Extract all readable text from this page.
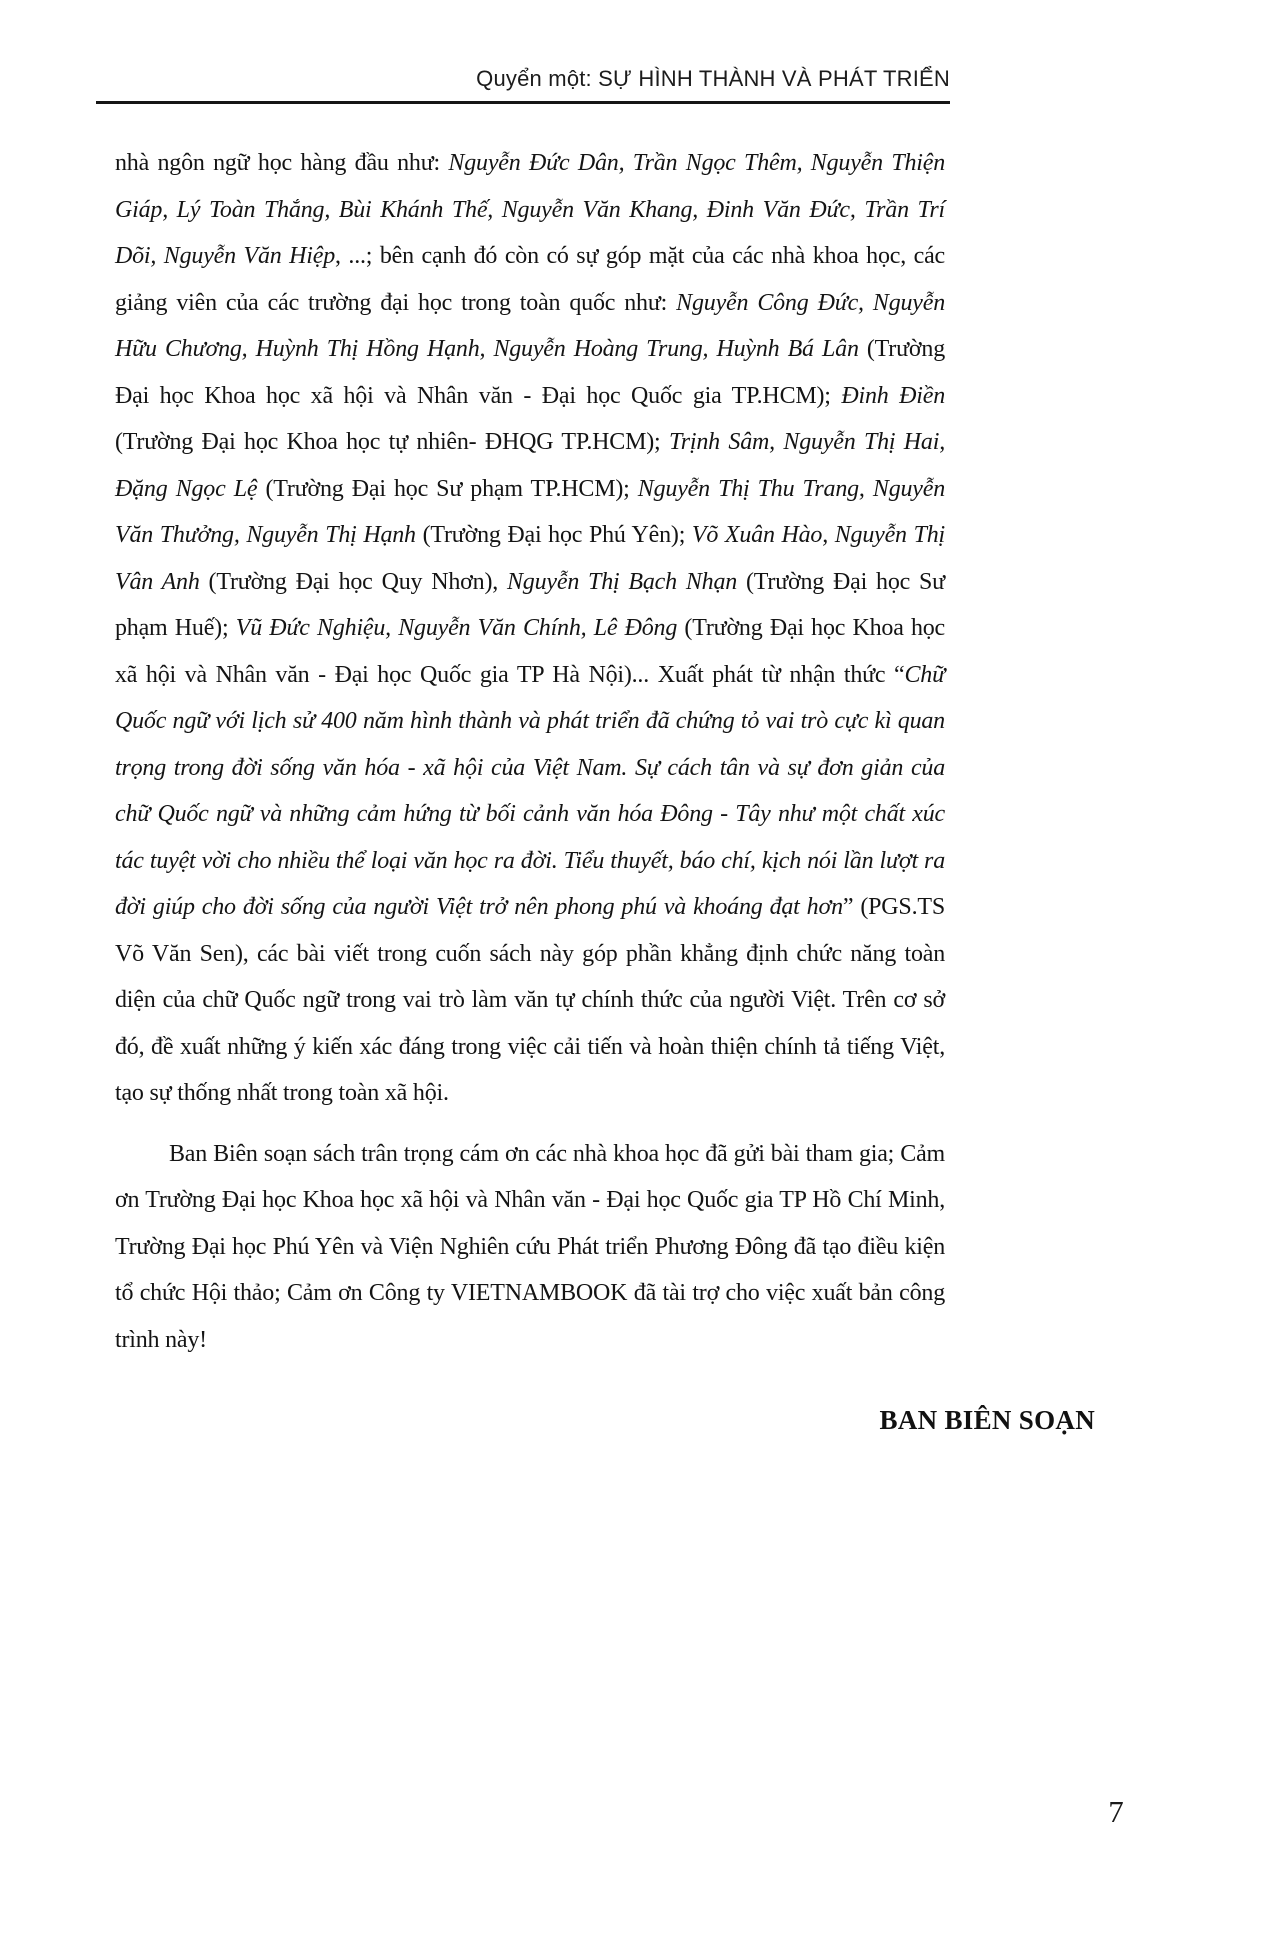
Quyển một: SỰ HÌNH THÀNH VÀ PHÁT TRIỂN

nhà ngôn ngữ học hàng đầu như: Nguyễn Đức Dân, Trần Ngọc Thêm, Nguyễn Thiện Giáp, Lý Toàn Thắng, Bùi Khánh Thế, Nguyễn Văn Khang, Đinh Văn Đức, Trần Trí Dõi, Nguyễn Văn Hiệp, ...; bên cạnh đó còn có sự góp mặt của các nhà khoa học, các giảng viên của các trường đại học trong toàn quốc như: Nguyễn Công Đức, Nguyễn Hữu Chương, Huỳnh Thị Hồng Hạnh, Nguyễn Hoàng Trung, Huỳnh Bá Lân (Trường Đại học Khoa học xã hội và Nhân văn - Đại học Quốc gia TP.HCM); Đinh Điền (Trường Đại học Khoa học tự nhiên- ĐHQG TP.HCM); Trịnh Sâm, Nguyễn Thị Hai, Đặng Ngọc Lệ (Trường Đại học Sư phạm TP.HCM); Nguyễn Thị Thu Trang, Nguyễn Văn Thưởng, Nguyễn Thị Hạnh (Trường Đại học Phú Yên); Võ Xuân Hào, Nguyễn Thị Vân Anh (Trường Đại học Quy Nhơn), Nguyễn Thị Bạch Nhạn (Trường Đại học Sư phạm Huế); Vũ Đức Nghiệu, Nguyễn Văn Chính, Lê Đông (Trường Đại học Khoa học xã hội và Nhân văn - Đại học Quốc gia TP Hà Nội)... Xuất phát từ nhận thức “Chữ Quốc ngữ với lịch sử 400 năm hình thành và phát triển đã chứng tỏ vai trò cực kì quan trọng trong đời sống văn hóa - xã hội của Việt Nam. Sự cách tân và sự đơn giản của chữ Quốc ngữ và những cảm hứng từ bối cảnh văn hóa Đông - Tây như một chất xúc tác tuyệt vời cho nhiều thể loại văn học ra đời. Tiểu thuyết, báo chí, kịch nói lần lượt ra đời giúp cho đời sống của người Việt trở nên phong phú và khoáng đạt hơn” (PGS.TS Võ Văn Sen), các bài viết trong cuốn sách này góp phần khẳng định chức năng toàn diện của chữ Quốc ngữ trong vai trò làm văn tự chính thức của người Việt. Trên cơ sở đó, đề xuất những ý kiến xác đáng trong việc cải tiến và hoàn thiện chính tả tiếng Việt, tạo sự thống nhất trong toàn xã hội.

Ban Biên soạn sách trân trọng cám ơn các nhà khoa học đã gửi bài tham gia; Cảm ơn Trường Đại học Khoa học xã hội và Nhân văn - Đại học Quốc gia TP Hồ Chí Minh, Trường Đại học Phú Yên và Viện Nghiên cứu Phát triển Phương Đông đã tạo điều kiện tổ chức Hội thảo; Cảm ơn Công ty VIETNAMBOOK đã tài trợ cho việc xuất bản công trình này!

BAN BIÊN SOẠN
7
